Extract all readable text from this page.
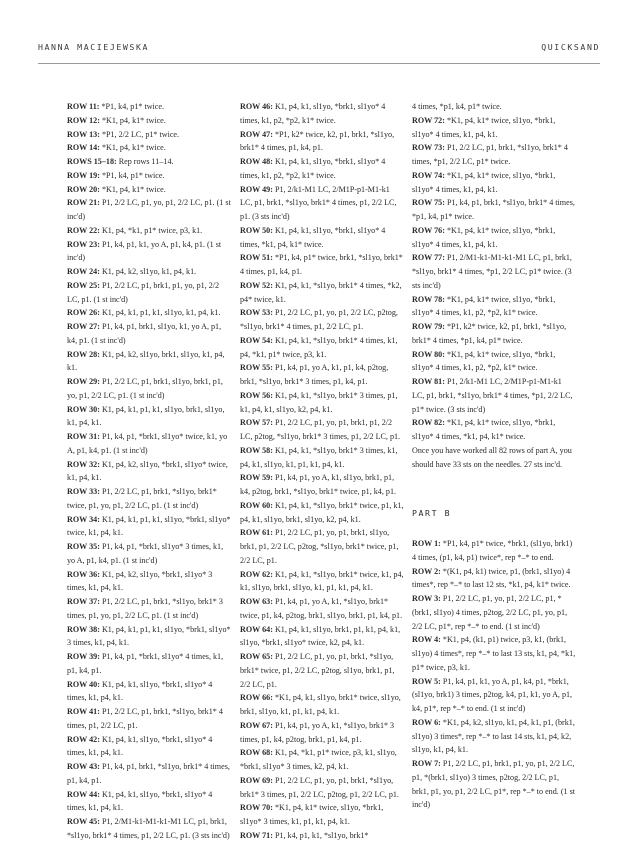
HANNA MACIEJEWSKA	QUICKSAND

ROW 11: *P1, k4, p1* twice.

ROW 12: *K1, p4, k1* twice.

ROW 13: *P1, 2/2 LC, p1* twice.

ROW 14: *K1, p4, k1* twice.

ROWS 15–18: Rep rows 11–14.

ROW 19: *P1, k4, p1* twice.

ROW 20: *K1, p4, k1* twice.

ROW 21: P1, 2/2 LC, p1, yo, p1, 2/2 LC, p1. (1 st inc'd)

ROW 22: K1, p4, *k1, p1* twice, p3, k1.

ROW 23: P1, k4, p1, k1, yo A, p1, k4, p1. (1 st inc'd)

ROW 24: K1, p4, k2, sl1yo, k1, p4, k1.

ROW 25: P1, 2/2 LC, p1, brk1, p1, yo, p1, 2/2 LC, p1. (1 st inc'd)

ROW 26: K1, p4, k1, p1, k1, sl1yo, k1, p4, k1.

ROW 27: P1, k4, p1, brk1, sl1yo, k1, yo A, p1, k4, p1. (1 st inc'd)

ROW 28: K1, p4, k2, sl1yo, brk1, sl1yo, k1, p4, k1.

ROW 29: P1, 2/2 LC, p1, brk1, sl1yo, brk1, p1, yo, p1, 2/2 LC, p1. (1 st inc'd)

ROW 30: K1, p4, k1, p1, k1, sl1yo, brk1, sl1yo, k1, p4, k1.

ROW 31: P1, k4, p1, *brk1, sl1yo* twice, k1, yo A, p1, k4, p1. (1 st inc'd)

ROW 32: K1, p4, k2, sl1yo, *brk1, sl1yo* twice, k1, p4, k1.

ROW 33: P1, 2/2 LC, p1, brk1, *sl1yo, brk1* twice, p1, yo, p1, 2/2 LC, p1. (1 st inc'd)

ROW 34: K1, p4, k1, p1, k1, sl1yo, *brk1, sl1yo* twice, k1, p4, k1.

ROW 35: P1, k4, p1, *brk1, sl1yo* 3 times, k1, yo A, p1, k4, p1. (1 st inc'd)

ROW 36: K1, p4, k2, sl1yo, *brk1, sl1yo* 3 times, k1, p4, k1.

ROW 37: P1, 2/2 LC, p1, brk1, *sl1yo, brk1* 3 times, p1, yo, p1, 2/2 LC, p1. (1 st inc'd)

ROW 38: K1, p4, k1, p1, k1, sl1yo, *brk1, sl1yo* 3 times, k1, p4, k1.

ROW 39: P1, k4, p1, *brk1, sl1yo* 4 times, k1, p1, k4, p1.

ROW 40: K1, p4, k1, sl1yo, *brk1, sl1yo* 4 times, k1, p4, k1.

ROW 41: P1, 2/2 LC, p1, brk1, *sl1yo, brk1* 4 times, p1, 2/2 LC, p1.

ROW 42: K1, p4, k1, sl1yo, *brk1, sl1yo* 4 times, k1, p4, k1.

ROW 43: P1, k4, p1, brk1, *sl1yo, brk1* 4 times, p1, k4, p1.

ROW 44: K1, p4, k1, sl1yo, *brk1, sl1yo* 4 times, k1, p4, k1.

ROW 45: P1, 2/M1-k1-M1-k1-M1 LC, p1, brk1, *sl1yo, brk1* 4 times, p1, 2/2 LC, p1. (3 sts inc'd)

ROW 46: K1, p4, k1, sl1yo, *brk1, sl1yo* 4 times, k1, p2, *p2, k1* twice.

ROW 47: *P1, k2* twice, k2, p1, brk1, *sl1yo, brk1* 4 times, p1, k4, p1.

ROW 48: K1, p4, k1, sl1yo, *brk1, sl1yo* 4 times, k1, p2, *p2, k1* twice.

ROW 49: P1, 2/k1-M1 LC, 2/M1P-p1-M1-k1 LC, p1, brk1, *sl1yo, brk1* 4 times, p1, 2/2 LC, p1. (3 sts inc'd)

ROW 50: K1, p4, k1, sl1yo, *brk1, sl1yo* 4 times, *k1, p4, k1* twice.

ROW 51: *P1, k4, p1* twice, brk1, *sl1yo, brk1* 4 times, p1, k4, p1.

ROW 52: K1, p4, k1, *sl1yo, brk1* 4 times, *k2, p4* twice, k1.

ROW 53: P1, 2/2 LC, p1, yo, p1, 2/2 LC, p2tog, *sl1yo, brk1* 4 times, p1, 2/2 LC, p1.

ROW 54: K1, p4, k1, *sl1yo, brk1* 4 times, k1, p4, *k1, p1* twice, p3, k1.

ROW 55: P1, k4, p1, yo A, k1, p1, k4, p2tog, brk1, *sl1yo, brk1* 3 times, p1, k4, p1.

ROW 56: K1, p4, k1, *sl1yo, brk1* 3 times, p1, k1, p4, k1, sl1yo, k2, p4, k1.

ROW 57: P1, 2/2 LC, p1, yo, p1, brk1, p1, 2/2 LC, p2tog, *sl1yo, brk1* 3 times, p1, 2/2 LC, p1.

ROW 58: K1, p4, k1, *sl1yo, brk1* 3 times, k1, p4, k1, sl1yo, k1, p1, k1, p4, k1.

ROW 59: P1, k4, p1, yo A, k1, sl1yo, brk1, p1, k4, p2tog, brk1, *sl1yo, brk1* twice, p1, k4, p1.

ROW 60: K1, p4, k1, *sl1yo, brk1* twice, p1, k1, p4, k1, sl1yo, brk1, sl1yo, k2, p4, k1.

ROW 61: P1, 2/2 LC, p1, yo, p1, brk1, sl1yo, brk1, p1, 2/2 LC, p2tog, *sl1yo, brk1* twice, p1, 2/2 LC, p1.

ROW 62: K1, p4, k1, *sl1yo, brk1* twice, k1, p4, k1, sl1yo, brk1, sl1yo, k1, p1, k1, p4, k1.

ROW 63: P1, k4, p1, yo A, k1, *sl1yo, brk1* twice, p1, k4, p2tog, brk1, sl1yo, brk1, p1, k4, p1.

ROW 64: K1, p4, k1, sl1yo, brk1, p1, k1, p4, k1, sl1yo, *brk1, sl1yo* twice, k2, p4, k1.

ROW 65: P1, 2/2 LC, p1, yo, p1, brk1, *sl1yo, brk1* twice, p1, 2/2 LC, p2tog, sl1yo, brk1, p1, 2/2 LC, p1.

ROW 66: *K1, p4, k1, sl1yo, brk1* twice, sl1yo, brk1, sl1yo, k1, p1, k1, p4, k1.

ROW 67: P1, k4, p1, yo A, k1, *sl1yo, brk1* 3 times, p1, k4, p2tog, brk1, p1, k4, p1.

ROW 68: K1, p4, *k1, p1* twice, p3, k1, sl1yo, *brk1, sl1yo* 3 times, k2, p4, k1.

ROW 69: P1, 2/2 LC, p1, yo, p1, brk1, *sl1yo, brk1* 3 times, p1, 2/2 LC, p2tog, p1, 2/2 LC, p1.

ROW 70: *K1, p4, k1* twice, sl1yo, *brk1, sl1yo* 3 times, k1, p1, k1, p4, k1.

ROW 71: P1, k4, p1, k1, *sl1yo, brk1*

4 times, *p1, k4, p1* twice.

ROW 72: *K1, p4, k1* twice, sl1yo, *brk1, sl1yo* 4 times, k1, p4, k1.

ROW 73: P1, 2/2 LC, p1, brk1, *sl1yo, brk1* 4 times, *p1, 2/2 LC, p1* twice.

ROW 74: *K1, p4, k1* twice, sl1yo, *brk1, sl1yo* 4 times, k1, p4, k1.

ROW 75: P1, k4, p1, brk1, *sl1yo, brk1* 4 times, *p1, k4, p1* twice.

ROW 76: *K1, p4, k1* twice, sl1yo, *brk1, sl1yo* 4 times, k1, p4, k1.

ROW 77: P1, 2/M1-k1-M1-k1-M1 LC, p1, brk1, *sl1yo, brk1* 4 times, *p1, 2/2 LC, p1* twice. (3 sts inc'd)

ROW 78: *K1, p4, k1* twice, sl1yo, *brk1, sl1yo* 4 times, k1, p2, *p2, k1* twice.

ROW 79: *P1, k2* twice, k2, p1, brk1, *sl1yo, brk1* 4 times, *p1, k4, p1* twice.

ROW 80: *K1, p4, k1* twice, sl1yo, *brk1, sl1yo* 4 times, k1, p2, *p2, k1* twice.

ROW 81: P1, 2/k1-M1 LC, 2/M1P-p1-M1-k1 LC, p1, brk1, *sl1yo, brk1* 4 times, *p1, 2/2 LC, p1* twice. (3 sts inc'd)

ROW 82: *K1, p4, k1* twice, sl1yo, *brk1, sl1yo* 4 times, *k1, p4, k1* twice.

Once you have worked all 82 rows of part A, you should have 33 sts on the needles. 27 sts inc'd.

PART B

ROW 1: *P1, k4, p1* twice, *brk1, (sl1yo, brk1) 4 times, (p1, k4, p1) twice*, rep *–* to end.

ROW 2: *(K1, p4, k1) twice, p1, (brk1, sl1yo) 4 times*, rep *–* to last 12 sts, *k1, p4, k1* twice.

ROW 3: P1, 2/2 LC, p1, yo, p1, 2/2 LC, p1, *(brk1, sl1yo) 4 times, p2tog, 2/2 LC, p1, yo, p1, 2/2 LC, p1*, rep *–* to end. (1 st inc'd)

ROW 4: *K1, p4, (k1, p1) twice, p3, k1, (brk1, sl1yo) 4 times*, rep *–* to last 13 sts, k1, p4, *k1, p1* twice, p3, k1.

ROW 5: P1, k4, p1, k1, yo A, p1, k4, p1, *brk1, (sl1yo, brk1) 3 times, p2tog, k4, p1, k1, yo A, p1, k4, p1*, rep *–* to end. (1 st inc'd)

ROW 6: *K1, p4, k2, sl1yo, k1, p4, k1, p1, (brk1, sl1yo) 3 times*, rep *–* to last 14 sts, k1, p4, k2, sl1yo, k1, p4, k1.

ROW 7: P1, 2/2 LC, p1, brk1, p1, yo, p1, 2/2 LC, p1, *(brk1, sl1yo) 3 times, p2tog, 2/2 LC, p1, brk1, p1, yo, p1, 2/2 LC, p1*, rep *–* to end. (1 st inc'd)
